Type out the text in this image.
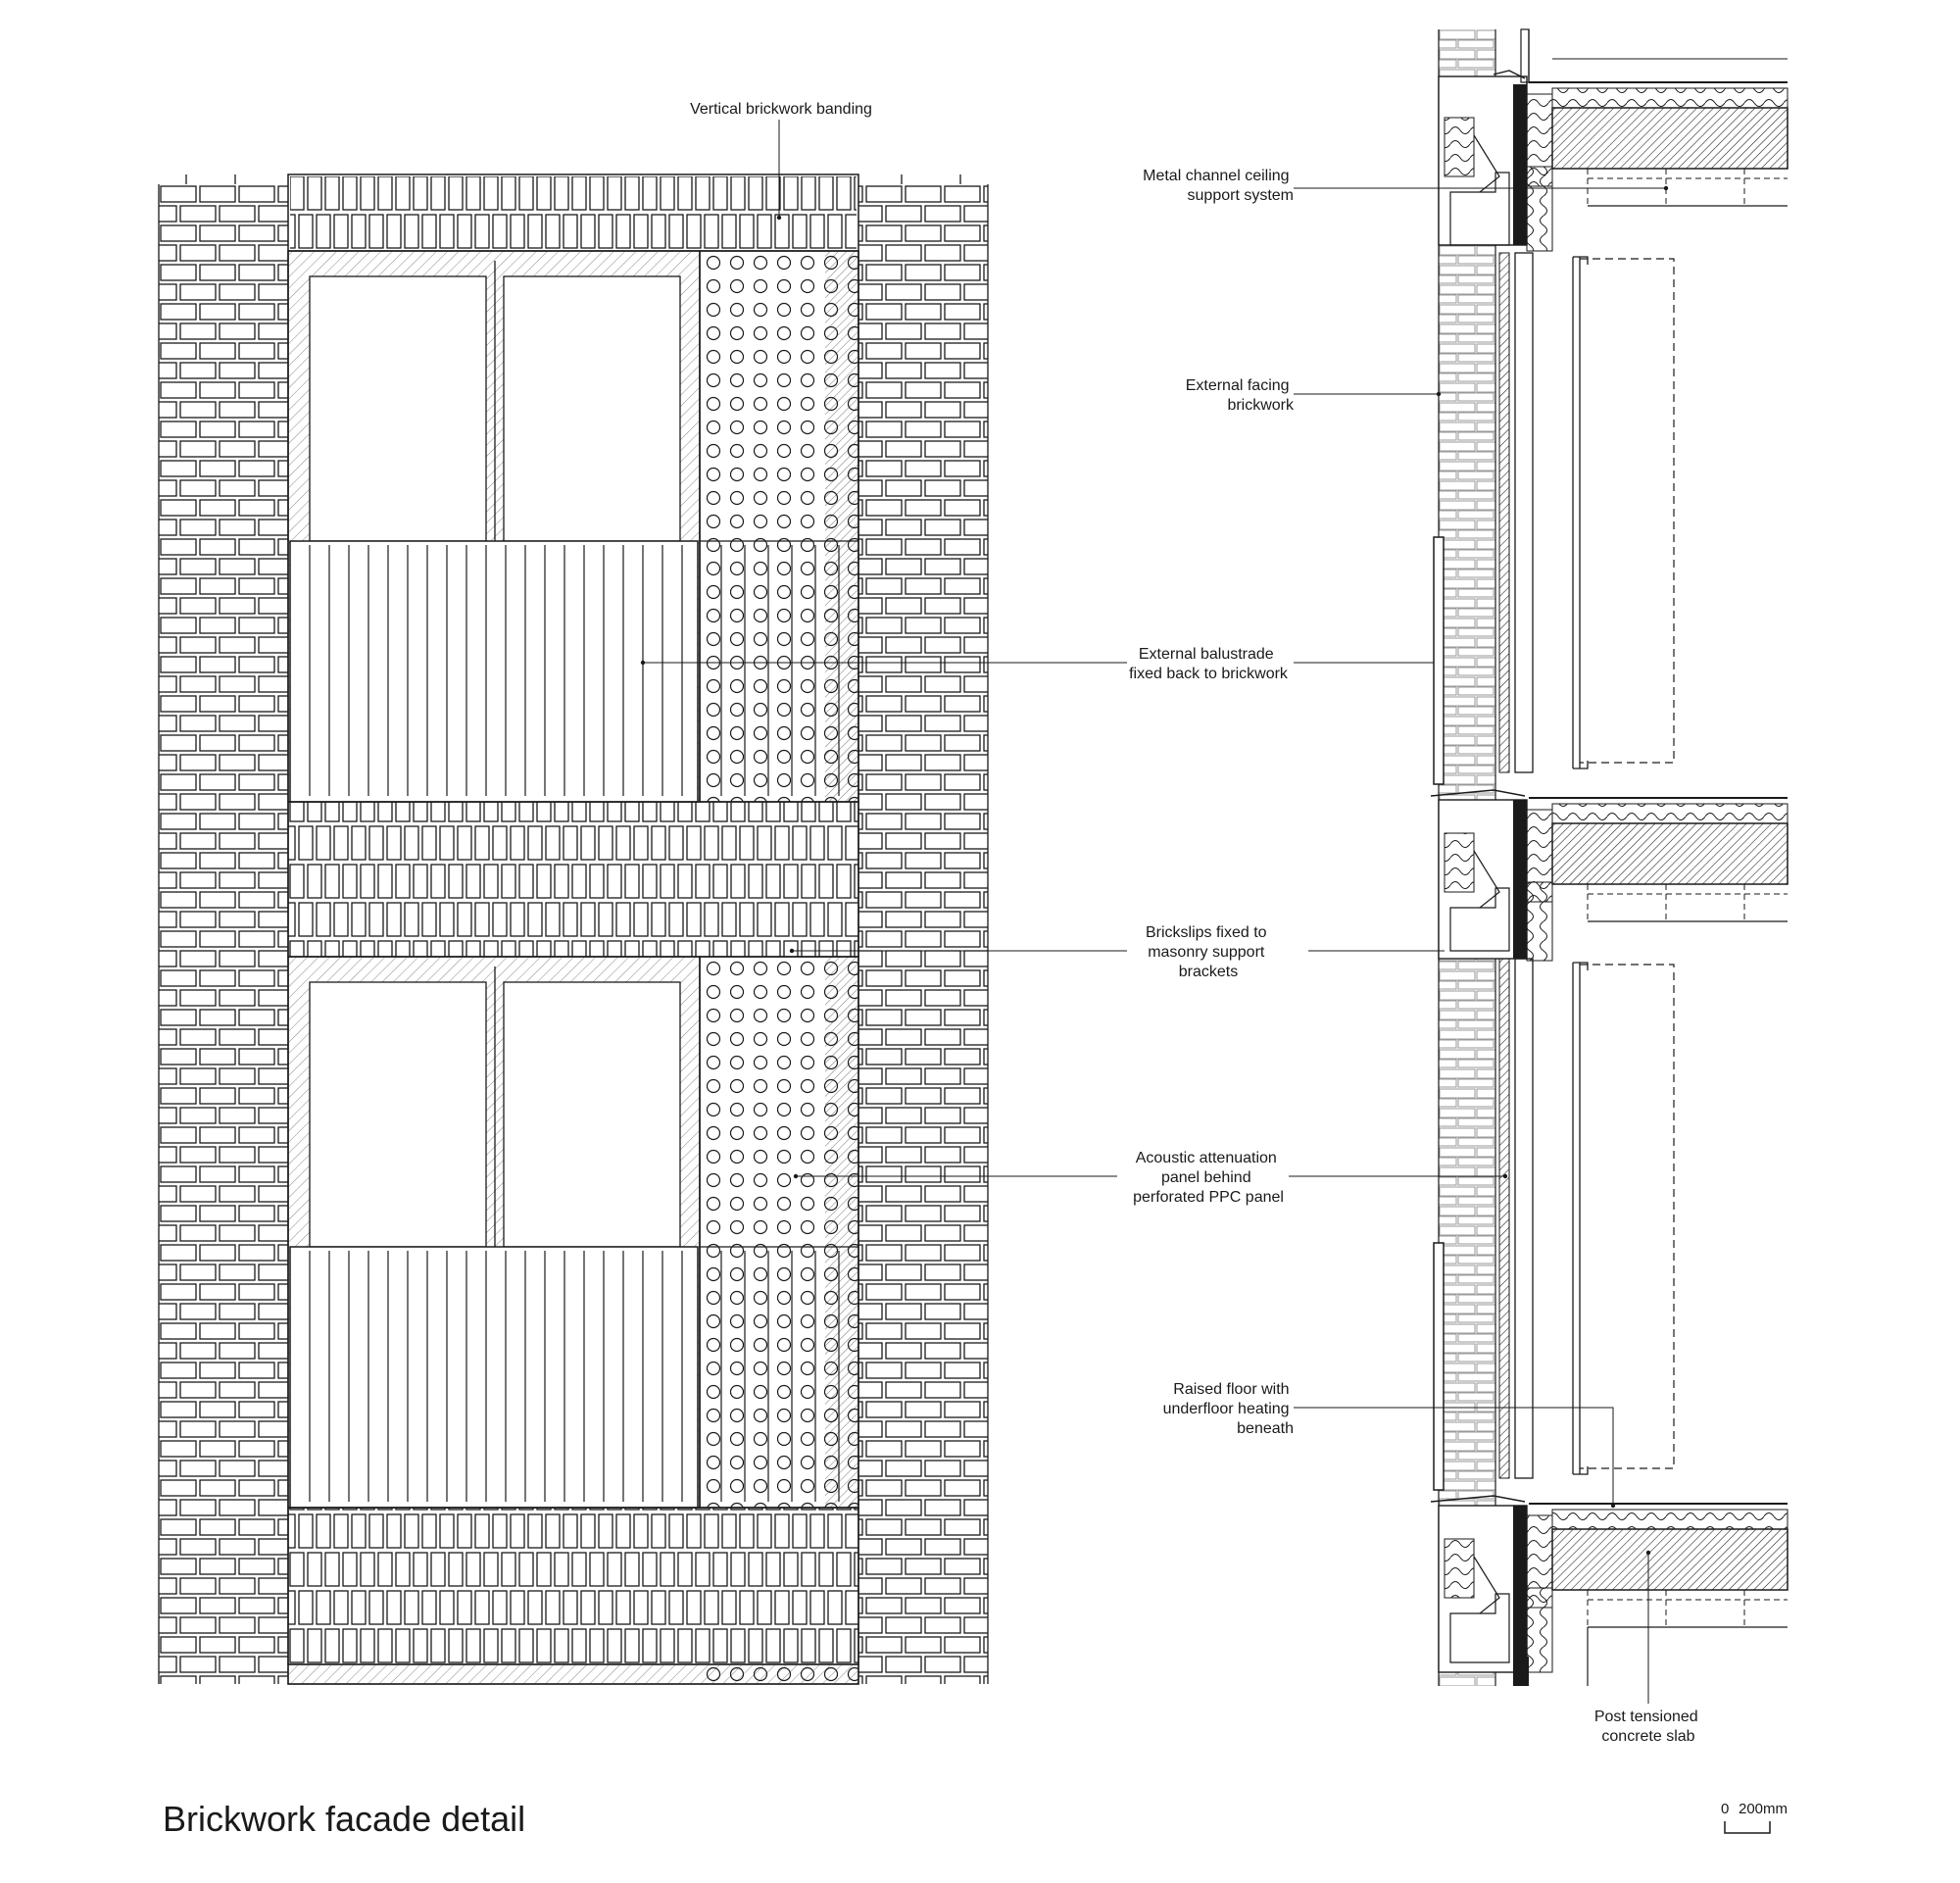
Vertical brickwork banding
Metal channel ceiling support system
External facing brickwork
External balustrade fixed back to brickwork
Brickslips fixed to masonry support brackets
Acoustic attenuation panel behind perforated PPC panel
Raised floor with underfloor heating beneath
Post tensioned concrete slab
Brickwork facade detail	0 200mm
